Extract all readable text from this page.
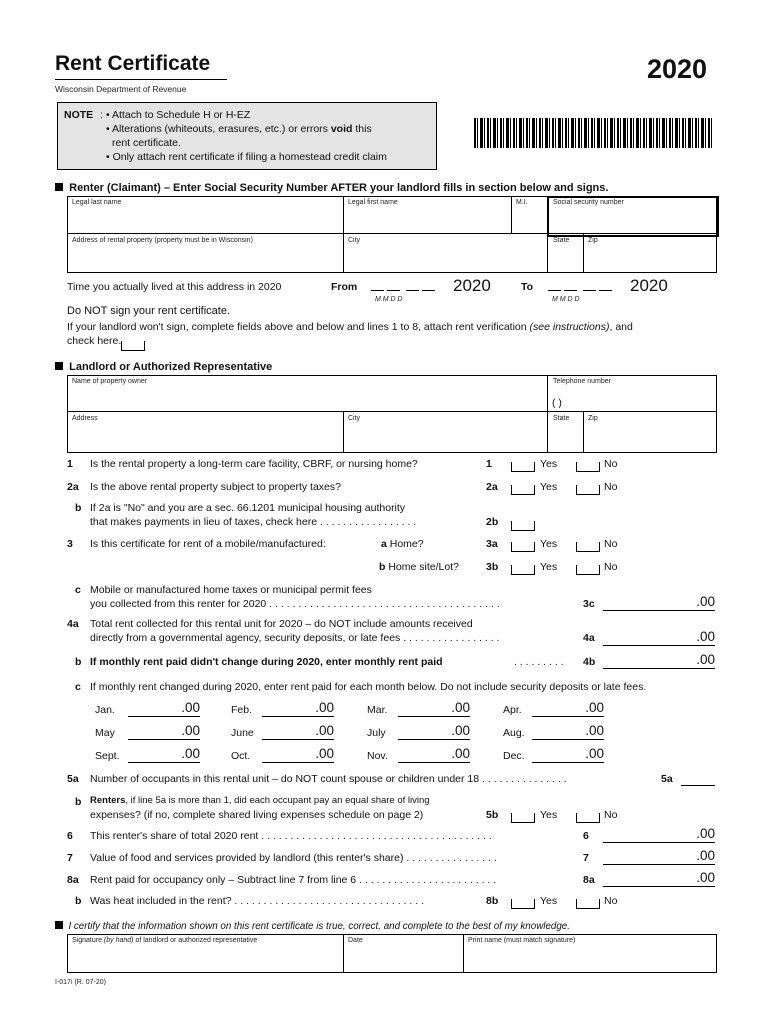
Rent Certificate
Wisconsin Department of Revenue
2020
NOTE : • Attach to Schedule H or H-EZ
• Alterations (whiteouts, erasures, etc.) or errors void this
rent certificate.
• Only attach rent certificate if filing a homestead credit claim
Renter (Claimant) – Enter Social Security Number AFTER your landlord fills in section below and signs.
Legal last name	Legal first name	M.I.	Social security number
Address of rental property (property must be in Wisconsin)	City	State	Zip
Time you actually lived at this address in 2020	From
	2020
M M D D
To
	2020
M M D D
Do NOT sign your rent certificate.
If your landlord won't sign, complete fields above and below and lines 1 to 8, attach rent verification (see instructions), and
check here.
Landlord or Authorized Representative
Name of property owner	Telephone number
( )
Address	City	State	Zip
1 Is the rental property a long-term care facility, CBRF, or nursing home?	1	Yes	No
2a Is the above rental property subject to property taxes?	2a	Yes	No
b If 2a is "No" and you are a sec. 66.1201 municipal housing authority
that makes payments in lieu of taxes, check here . . . . . . . . . . . . . . . . .	2b
3 Is this certificate for rent of a mobile/manufactured:	a Home?	3a	Yes	No
b Home site/Lot?	3b	Yes	No
c Mobile or manufactured home taxes or municipal permit fees
you collected from this renter for 2020 . . . . . . . . . . . . . . . . . . . . . . . . . . . . . . . . . . . . . . . .	3c	.00
4a Total rent collected for this rental unit for 2020 – do NOT include amounts received
directly from a governmental agency, security deposits, or late fees . . . . . . . . . . . . . . . . .	4a	.00
b If monthly rent paid didn't change during 2020, enter monthly rent paid	. . . . . . . . . 4b	.00
c If monthly rent changed during 2020, enter rent paid for each month below. Do not include security deposits or late fees.
Jan.	.00	Feb.	.00	Mar.	.00	Apr.	.00
May	.00	June	.00	July	.00	Aug.	.00
Sept.	.00	Oct.	.00	Nov.	.00	Dec.	.00
5a Number of occupants in this rental unit – do NOT count spouse or children under 18 . . . . . . . . . . . . . . .	5a
b Renters, if line 5a is more than 1, did each occupant pay an equal share of living
expenses? (if no, complete shared living expenses schedule on page 2)	5b	Yes	No
6 This renter's share of total 2020 rent . . . . . . . . . . . . . . . . . . . . . . . . . . . . . . . . . . . . . . . .	6	.00
7 Value of food and services provided by landlord (this renter's share) . . . . . . . . . . . . . . . .	7	.00
8a Rent paid for occupancy only – Subtract line 7 from line 6 . . . . . . . . . . . . . . . . . . . . . . . .	8a	.00
b Was heat included in the rent? . . . . . . . . . . . . . . . . . . . . . . . . . . . . . . . . .	8b	Yes	No
I certify that the information shown on this rent certificate is true, correct, and complete to the best of my knowledge.
Signature (by hand) of landlord or authorized representative	Date	Print name (must match signature)
I-017i (R. 07-20)
